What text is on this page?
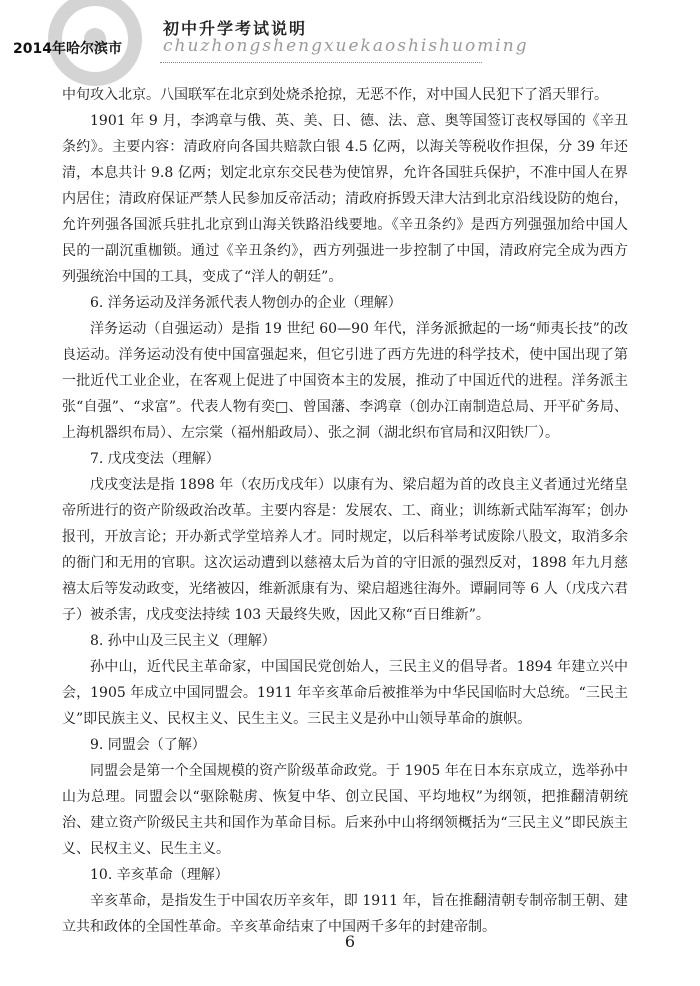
初中升学考试说明
2014年哈尔滨市 chuzhongshengxuekaoshishuoming

中旬攻入北京。八国联军在北京到处烧杀抢掠，无恶不作，对中国人民犯下了滔天罪行。

1901 年 9 月，李鸿章与俄、英、美、日、德、法、意、奥等国签订丧权辱国的《辛丑条约》。主要内容：清政府向各国共赔款白银 4.5 亿两，以海关等税收作担保，分 39 年还清，本息共计 9.8 亿两；划定北京东交民巷为使馆界，允许各国驻兵保护，不准中国人在界内居住；清政府保证严禁人民参加反帝活动；清政府拆毁天津大沽到北京沿线设防的炮台，允许列强各国派兵驻扎北京到山海关铁路沿线要地。《辛丑条约》是西方列强强加给中国人民的一副沉重枷锁。通过《辛丑条约》，西方列强进一步控制了中国，清政府完全成为西方列强统治中国的工具，变成了“洋人的朝廷”。

6. 洋务运动及洋务派代表人物创办的企业（理解）

洋务运动（自强运动）是指 19 世纪 60—90 年代，洋务派掀起的一场“师夷长技”的改良运动。洋务运动没有使中国富强起来，但它引进了西方先进的科学技术，使中国出现了第一批近代工业企业，在客观上促进了中国资本主的发展，推动了中国近代的进程。洋务派主张“自强”、“求富”。代表人物有奕□、曾国藩、李鸿章（创办江南制造总局、开平矿务局、上海机器织布局）、左宗棠（福州船政局）、张之洞（湖北织布官局和汉阳铁厂）。

7. 戊戌变法（理解）

戊戌变法是指 1898 年（农历戊戌年）以康有为、梁启超为首的改良主义者通过光绪皇帝所进行的资产阶级政治改革。主要内容是：发展农、工、商业；训练新式陆军海军；创办报刊，开放言论；开办新式学堂培养人才。同时规定，以后科举考试废除八股文，取消多余的衙门和无用的官职。这次运动遭到以慈禧太后为首的守旧派的强烈反对，1898 年九月慈禧太后等发动政变，光绪被囚，维新派康有为、梁启超逃往海外。谭嗣同等 6 人（戊戌六君子）被杀害，戊戌变法持续 103 天最终失败，因此又称“百日维新”。

8. 孙中山及三民主义（理解）

孙中山，近代民主革命家，中国国民党创始人，三民主义的倡导者。1894 年建立兴中会，1905 年成立中国同盟会。1911 年辛亥革命后被推举为中华民国临时大总统。“三民主义”即民族主义、民权主义、民生主义。三民主义是孙中山领导革命的旗帜。

9. 同盟会（了解）

同盟会是第一个全国规模的资产阶级革命政党。于 1905 年在日本东京成立，选举孙中山为总理。同盟会以“驱除鞑虏、恢复中华、创立民国、平均地权”为纲领，把推翻清朝统治、建立资产阶级民主共和国作为革命目标。后来孙中山将纲领概括为“三民主义”即民族主义、民权主义、民生主义。

10. 辛亥革命（理解）

辛亥革命，是指发生于中国农历辛亥年，即 1911 年，旨在推翻清朝专制帝制王朝、建立共和政体的全国性革命。辛亥革命结束了中国两千多年的封建帝制。

6
